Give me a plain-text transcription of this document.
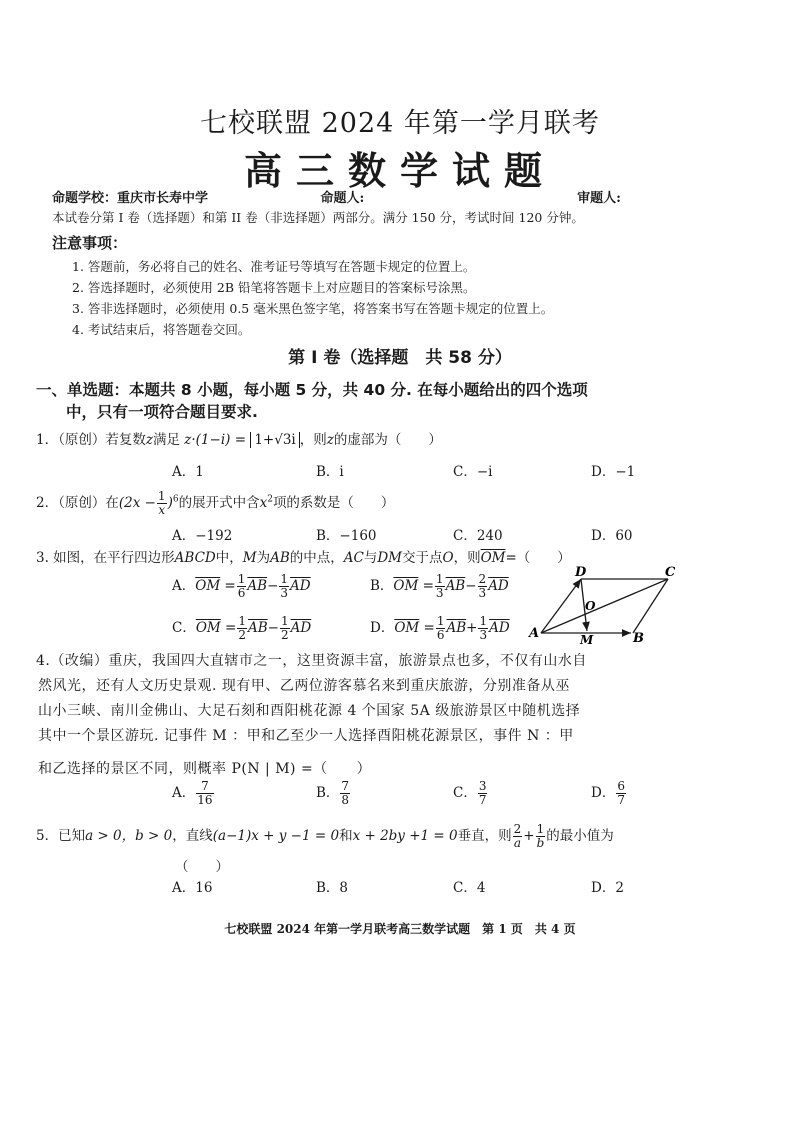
七校联盟 2024 年第一学月联考
高三数学试题
命题学校：重庆市长寿中学	命题人:	审题人:
本试卷分第 I 卷（选择题）和第 II 卷（非选择题）两部分。满分 150 分，考试时间 120 分钟。
注意事项：
1. 答题前，务必将自己的姓名、准考证号等填写在答题卡规定的位置上。
2. 答选择题时，必须使用 2B 铅笔将答题卡上对应题目的答案标号涂黑。
3. 答非选择题时，必须使用 0.5 毫米黑色签字笔，将答案书写在答题卡规定的位置上。
4. 考试结束后，将答题卷交回。
第 I 卷（选择题　共 58 分）
一、单选题：本题共 8 小题，每小题 5 分，共 40 分. 在每小题给出的四个选项
中，只有一项符合题目要求.
1．（原创）若复数z满足 z·(1−i) = 1+√3i ，则z的虚部为（　　）
A．1	B．i	C．−i	D．−1
2．（原创）在$(2x - \frac{1}{x} )^6$的展开式中含$x^2$项的系数是（　　）
A．−192	B．−160	C．240	D．60
3. 如图，在平行四边形ABCD中，M为AB的中点，AC与DM交于点O，则$\overline{OM}=$（　　）
A．$\overline{OM} = \frac{1}{6} \overline{AB}- \frac{1}{3} \overline{AD}$	B．$\overline{OM} = \frac{1}{3} \overline{AB}- \frac{2}{3} \overline{AD}$
C．$\overline{OM} = \frac{1}{2} \overline{AB}- \frac{1}{2} \overline{AD}$	D．$\overline{OM} = \frac{1}{6} \overline{AB}+ \frac{1}{3} \overline{AD}$ A	B
C
D
M
O
4.（改编）重庆，我国四大直辖市之一，这里资源丰富，旅游景点也多，不仅有山水自
然风光，还有人文历史景观. 现有甲、乙两位游客慕名来到重庆旅游，分别准备从巫
山小三峡、南川金佛山、大足石刻和酉阳桃花源 4 个国家 5A 级旅游景区中随机选择
其中一个景区游玩. 记事件 M ：甲和乙至少一人选择酉阳桃花源景区，事件 N ：甲
和乙选择的景区不同，则概率 P(N | M) =（　　）
A． $\frac{7}{16}$	B． $\frac{7}{8}$	C． $\frac{3}{7}$	D． $\frac{6}{7}$
5．已知a > 0，b > 0，直线(a−1)x + y −1 = 0和x + 2by +1 = 0垂直，则 $\frac{2}{a} + \frac{1}{b}$ 的最小值为
（　　）
A．16	B．8	C．4	D．2
七校联盟 2024 年第一学月联考高三数学试题　第 1 页　共 4 页
